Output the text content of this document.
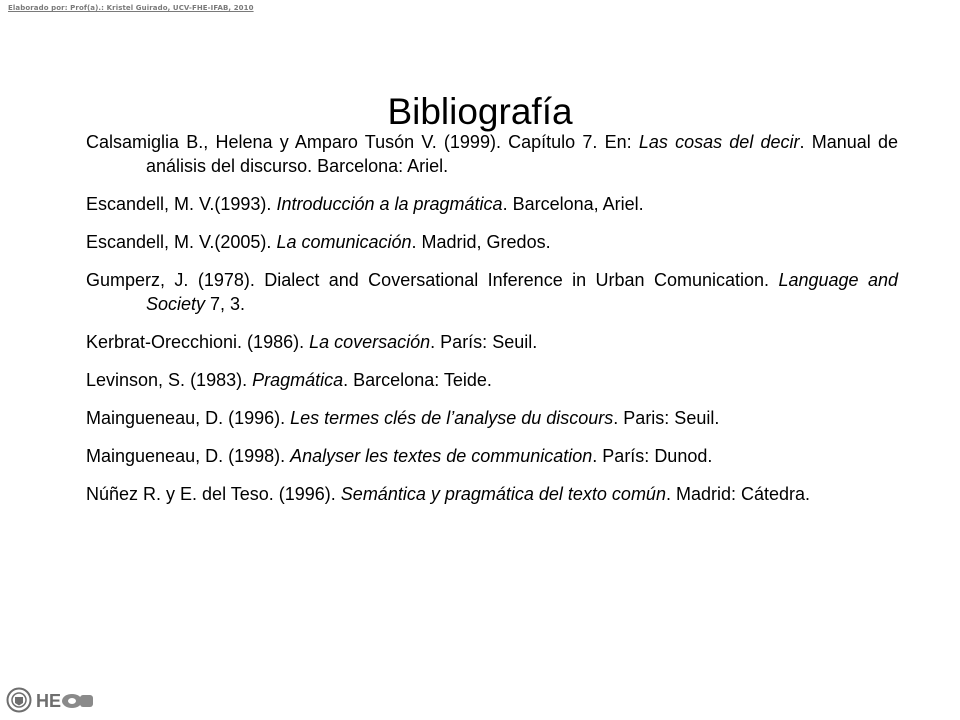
Elaborado por: Prof(a).: Kristel Guirado, UCV-FHE-IFAB, 2010
Bibliografía
Calsamiglia B., Helena y Amparo Tusón V. (1999). Capítulo 7. En: Las cosas del decir. Manual de análisis del discurso. Barcelona: Ariel.
Escandell, M. V.(1993). Introducción a la pragmática. Barcelona, Ariel.
Escandell, M. V.(2005). La comunicación. Madrid, Gredos.
Gumperz, J. (1978). Dialect and Coversational Inference in Urban Comunication. Language and Society 7, 3.
Kerbrat-Orecchioni. (1986). La coversación. París: Seuil.
Levinson, S. (1983). Pragmática. Barcelona: Teide.
Maingueneau, D. (1996). Les termes clés de l’analyse du discours. Paris: Seuil.
Maingueneau, D. (1998). Analyser les textes de communication. París: Dunod.
Núñez R. y E. del Teso. (1996). Semántica y pragmática del texto común. Madrid: Cátedra.
HE
